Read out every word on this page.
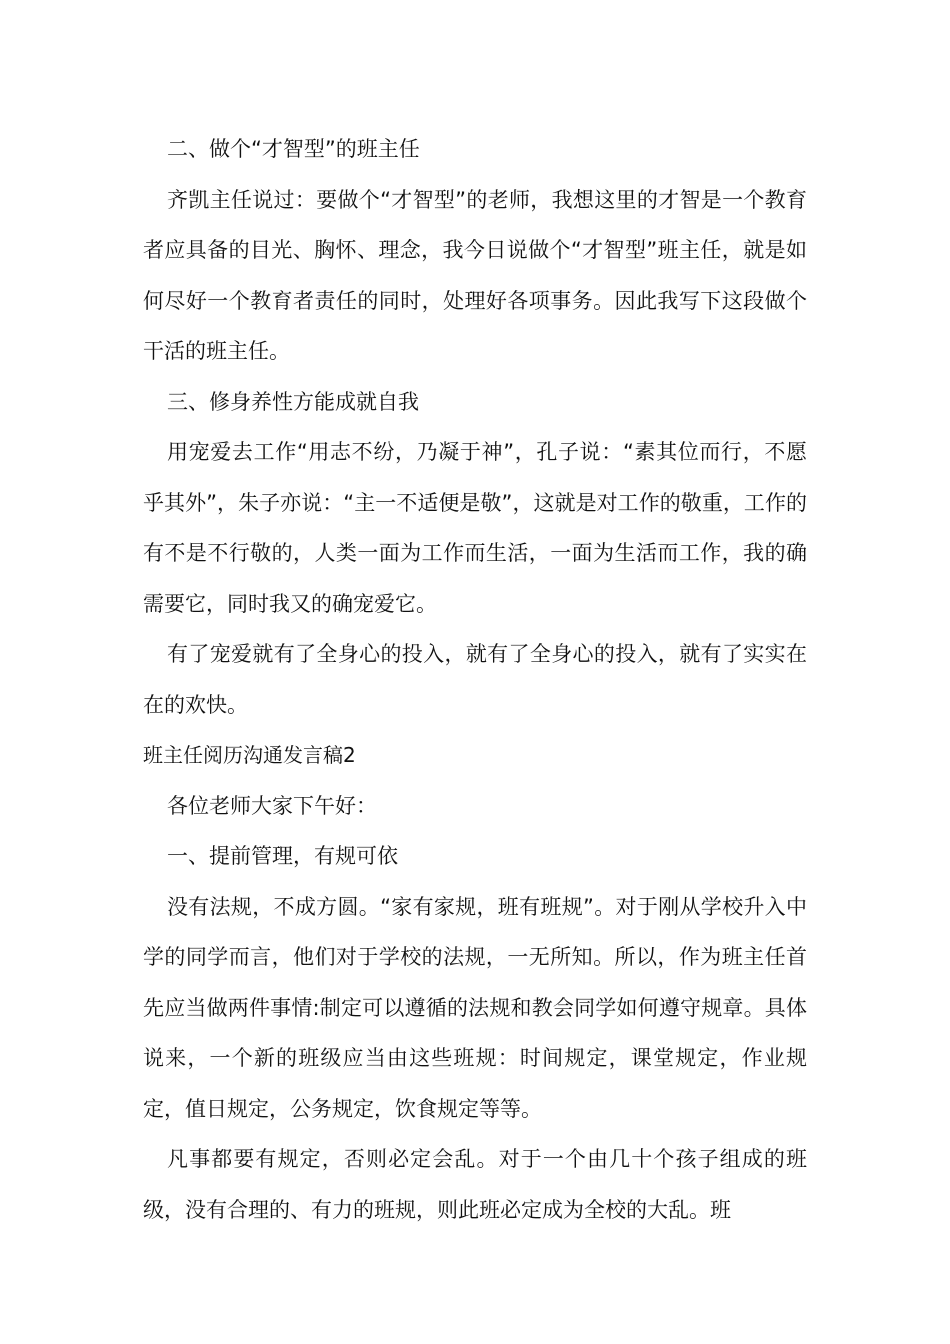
二、做个“才智型”的班主任

齐凯主任说过：要做个“才智型”的老师，我想这里的才智是一个教育者应具备的目光、胸怀、理念，我今日说做个“才智型”班主任，就是如何尽好一个教育者责任的同时，处理好各项事务。因此我写下这段做个干活的班主任。

三、修身养性方能成就自我

用宠爱去工作“用志不纷，乃凝于神”，孔子说：“素其位而行，不愿乎其外”，朱子亦说：“主一不适便是敬”，这就是对工作的敬重，工作的有不是不行敬的，人类一面为工作而生活，一面为生活而工作，我的确需要它，同时我又的确宠爱它。

有了宠爱就有了全身心的投入，就有了全身心的投入，就有了实实在在的欢快。

班主任阅历沟通发言稿2

各位老师大家下午好：

一、提前管理，有规可依

没有法规，不成方圆。“家有家规，班有班规”。对于刚从学校升入中学的同学而言，他们对于学校的法规，一无所知。所以，作为班主任首先应当做两件事情:制定可以遵循的法规和教会同学如何遵守规章。具体说来，一个新的班级应当由这些班规：时间规定，课堂规定，作业规定，值日规定，公务规定，饮食规定等等。

凡事都要有规定，否则必定会乱。对于一个由几十个孩子组成的班级，没有合理的、有力的班规，则此班必定成为全校的大乱。班
